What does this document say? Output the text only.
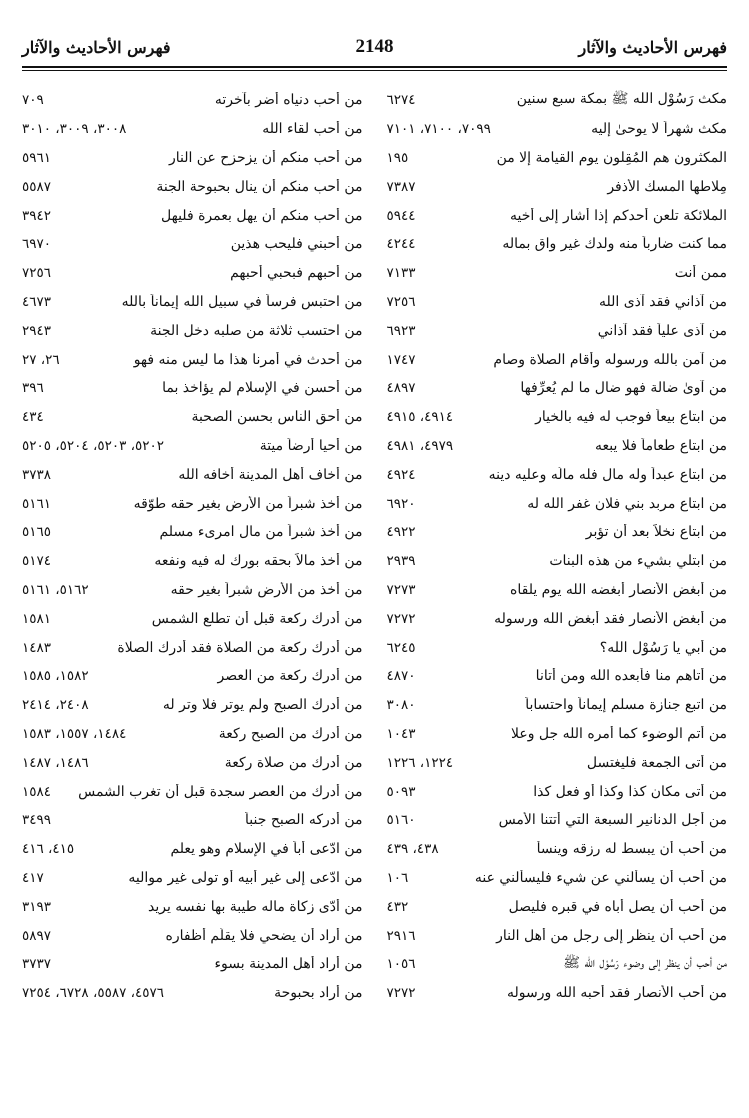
فهرس الأحاديث والآثار
2148
فهرس الأحاديث والآثار
مكث رَسُوْل الله ﷺ بمكة سبع سنين
٦٢٧٤
مكث شهراً لا يوحىٰ إليه
٧٠٩٩، ٧١٠٠، ٧١٠١
المكثرون هم المُقِلون يوم القيامة إلا من
١٩٥
مِلاطها المسك الأذفر
٧٣٨٧
الملائكة تلعن أحدكم إذا أشار إلى أخيه
٥٩٤٤
مما كنت ضارباً منه ولدك غير واق بماله
٤٢٤٤
ممن أنت
٧١٣٣
من آذاني فقد آذى الله
٧٢٥٦
من آذى علياً فقد آذاني
٦٩٢٣
من آمن بالله ورسوله وأقام الصلاة وصام
١٧٤٧
من آوىٰ ضالة فهو ضال ما لم يُعرِّفها
٤٨٩٧
من ابتاع بيعاً فوجب له فيه بالخيار
٤٩١٤، ٤٩١٥
من ابتاع طعاماً فلا يبعه
٤٩٧٩، ٤٩٨١
من ابتاع عبداً وله مال فله مالُه وعليه دينه
٤٩٢٤
من ابتاع مربد بني فلان غفر الله له
٦٩٢٠
من ابتاع نخلاً بعد أن تؤبر
٤٩٢٢
من ابتلي بشيء من هذه البنات
٢٩٣٩
من أبغض الأنصار أبغضه الله يوم يلقاه
٧٢٧٣
من أبغض الأنصار فقد أبغض الله ورسوله
٧٢٧٢
من أبي يا رَسُوْل الله؟
٦٢٤٥
من أتاهم منا فأبعده الله ومن أتانا
٤٨٧٠
من اتبع جنازة مسلم إيماناً واحتساباً
٣٠٨٠
من أتم الوضوء كما أمره الله جل وعلا
١٠٤٣
من أتى الجمعة فليغتسل
١٢٢٤، ١٢٢٦
من أتى مكان كذا وكذا أو فعل كذا
٥٠٩٣
من أجل الدنانير السبعة التي أتتنا الأمس
٥١٦٠
من أحب أن يبسط له رزقه وينسأ
٤٣٨، ٤٣٩
من أحب أن يسألني عن شيء فليسألني عنه
١٠٦
من أحب أن يصل أباه في قبره فليصل
٤٣٢
من أحب أن ينظر إلى رجل من أهل النار
٢٩١٦
من أحب أن ينظر إلى وضوء رَسُوْل الله ﷺ
١٠٥٦
من أحب الأنصار فقد أحبه الله ورسوله
٧٢٧٢
من أحب دنياه أضر بآخرته
٧٠٩
من أحب لقاء الله
٣٠٠٨، ٣٠٠٩، ٣٠١٠
من أحب منكم أن يزحزح عن النار
٥٩٦١
من أحب منكم أن ينال بحبوحة الجنة
٥٥٨٧
من أحب منكم أن يهل بعمرة فليهل
٣٩٤٢
من أحبني فليحب هذين
٦٩٧٠
من أحبهم فبحبي أحبهم
٧٢٥٦
من احتبس فرساً في سبيل الله إيماناً بالله
٤٦٧٣
من احتسب ثلاثة من صلبه دخل الجنة
٢٩٤٣
من أحدث في أمرنا هذا ما ليس منه فهو
٢٦، ٢٧
من أحسن في الإسلام لم يؤاخذ بما
٣٩٦
من أحق الناس بحسن الصحبة
٤٣٤
من أحيا أرضاً ميتة
٥٢٠٢، ٥٢٠٣، ٥٢٠٤، ٥٢٠٥
من أخاف أهل المدينة أخافه الله
٣٧٣٨
من أخذ شبراً من الأرض بغير حقه طوّقه
٥١٦١
من أخذ شبراً من مال امرىء مسلم
٥١٦٥
من أخذ مالاً بحقه بورك له فيه ونفعه
٥١٧٤
من أخذ من الأرض شبراً بغير حقه
٥١٦٢، ٥١٦١
من أدرك ركعة قبل أن تطلع الشمس
١٥٨١
من أدرك ركعة من الصلاة فقد أدرك الصلاة
١٤٨٣
من أدرك ركعة من العصر
١٥٨٢، ١٥٨٥
من أدرك الصبح ولم يوتر فلا وتر له
٢٤٠٨، ٢٤١٤
من أدرك من الصبح ركعة
١٤٨٤، ١٥٥٧، ١٥٨٣
من أدرك من صلاة ركعة
١٤٨٦، ١٤٨٧
من أدرك من العصر سجدة قبل أن تغرب الشمس
١٥٨٤
من أدركه الصبح جنباً
٣٤٩٩
من ادّعى أباً في الإسلام وهو يعلم
٤١٥، ٤١٦
من ادّعى إلى غير أبيه أو تولى غير مواليه
٤١٧
من أدّى زكاة ماله طيبة بها نفسه يريد
٣١٩٣
من أراد أن يضحي فلا يقلّم أظفاره
٥٨٩٧
من أراد أهل المدينة بسوء
٣٧٣٧
من أراد بحبوحة
٤٥٧٦، ٥٥٨٧، ٦٧٢٨، ٧٢٥٤
